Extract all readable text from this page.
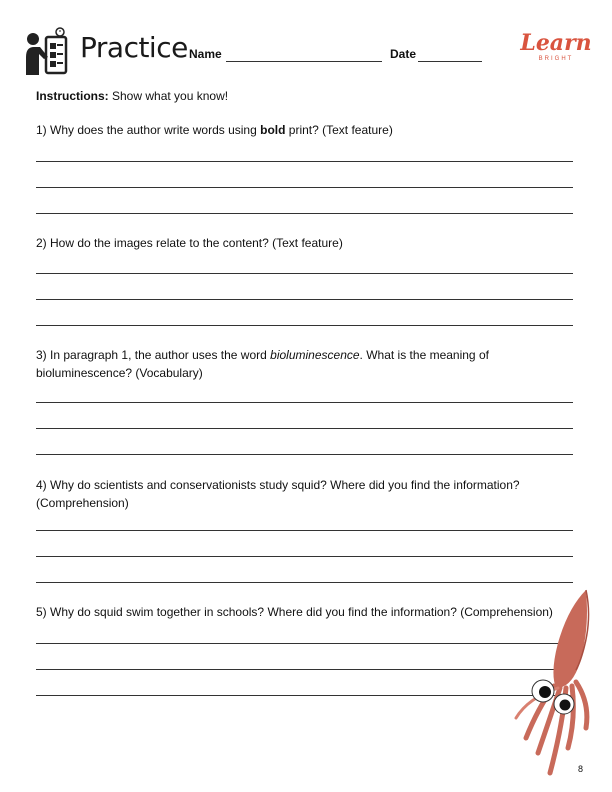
Practice Name	Date	Learn
BRIGHT
Instructions: Show what you know!
1) Why does the author write words using bold print? (Text feature)
2) How do the images relate to the content? (Text feature)
3) In paragraph 1, the author uses the word bioluminescence. What is the meaning of bioluminescence? (Vocabulary)
4) Why do scientists and conservationists study squid? Where did you find the information? (Comprehension)
5) Why do squid swim together in schools? Where did you find the information? (Comprehension)
8
